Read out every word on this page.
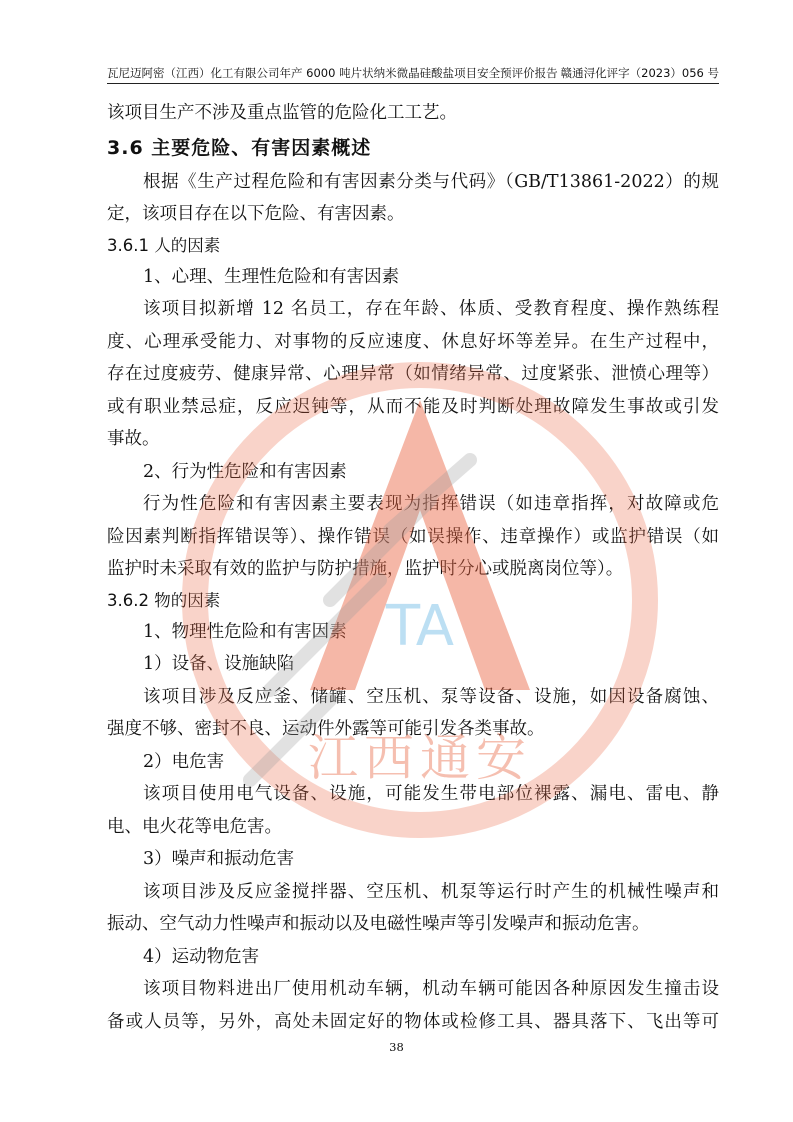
瓦尼迈阿密（江西）化工有限公司年产 6000 吨片状纳米微晶硅酸盐项目安全预评价报告 赣通浔化评字（2023）056 号
该项目生产不涉及重点监管的危险化工工艺。
3.6 主要危险、有害因素概述
根据《生产过程危险和有害因素分类与代码》（GB/T13861-2022）的规
定，该项目存在以下危险、有害因素。
3.6.1 人的因素
1、心理、生理性危险和有害因素
该项目拟新增 12 名员工，存在年龄、体质、受教育程度、操作熟练程
度、心理承受能力、对事物的反应速度、休息好坏等差异。在生产过程中，
存在过度疲劳、健康异常、心理异常（如情绪异常、过度紧张、泄愤心理等）
或有职业禁忌症，反应迟钝等，从而不能及时判断处理故障发生事故或引发
事故。
2、行为性危险和有害因素
行为性危险和有害因素主要表现为指挥错误（如违章指挥，对故障或危
险因素判断指挥错误等）、操作错误（如误操作、违章操作）或监护错误（如
监护时未采取有效的监护与防护措施，监护时分心或脱离岗位等）。
3.6.2 物的因素
1、物理性危险和有害因素
1）设备、设施缺陷
该项目涉及反应釜、储罐、空压机、泵等设备、设施，如因设备腐蚀、
强度不够、密封不良、运动件外露等可能引发各类事故。
2）电危害
该项目使用电气设备、设施，可能发生带电部位裸露、漏电、雷电、静
电、电火花等电危害。
3）噪声和振动危害
该项目涉及反应釜搅拌器、空压机、机泵等运行时产生的机械性噪声和
振动、空气动力性噪声和振动以及电磁性噪声等引发噪声和振动危害。
4）运动物危害
该项目物料进出厂使用机动车辆，机动车辆可能因各种原因发生撞击设
备或人员等，另外，高处未固定好的物体或检修工具、器具落下、飞出等可
TA
江西通安
38
